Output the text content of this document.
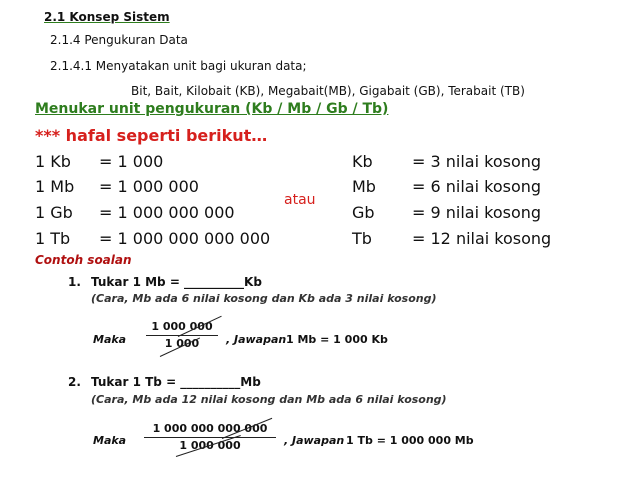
2.1 Konsep Sistem
2.1.4 Pengukuran Data
2.1.4.1 Menyatakan unit bagi ukuran data;
Bit, Bait, Kilobait (KB), Megabait(MB), Gigabait (GB), Terabait (TB)
Menukar unit pengukuran (Kb / Mb / Gb / Tb)
*** hafal seperti berikut…
1 Kb = 1 000
1 Mb = 1 000 000
1 Gb = 1 000 000 000
1 Tb = 1 000 000 000 000
atau
Kb = 3 nilai kosong
Mb = 6 nilai kosong
Gb = 9 nilai kosong
Tb	= 12 nilai kosong
Contoh soalan
1. Tukar 1 Mb = __________Kb
(Cara, Mb ada 6 nilai kosong dan Kb ada 3 nilai kosong)
Maka
1 000 000
1 000	, Jawapan 1 Mb = 1 000 Kb
2. Tukar 1 Tb = __________Mb
(Cara, Mb ada 12 nilai kosong dan Mb ada 6 nilai kosong)
Maka
1 000 000 000 000
1 000 000	, Jawapan 1 Tb = 1 000 000 Mb
